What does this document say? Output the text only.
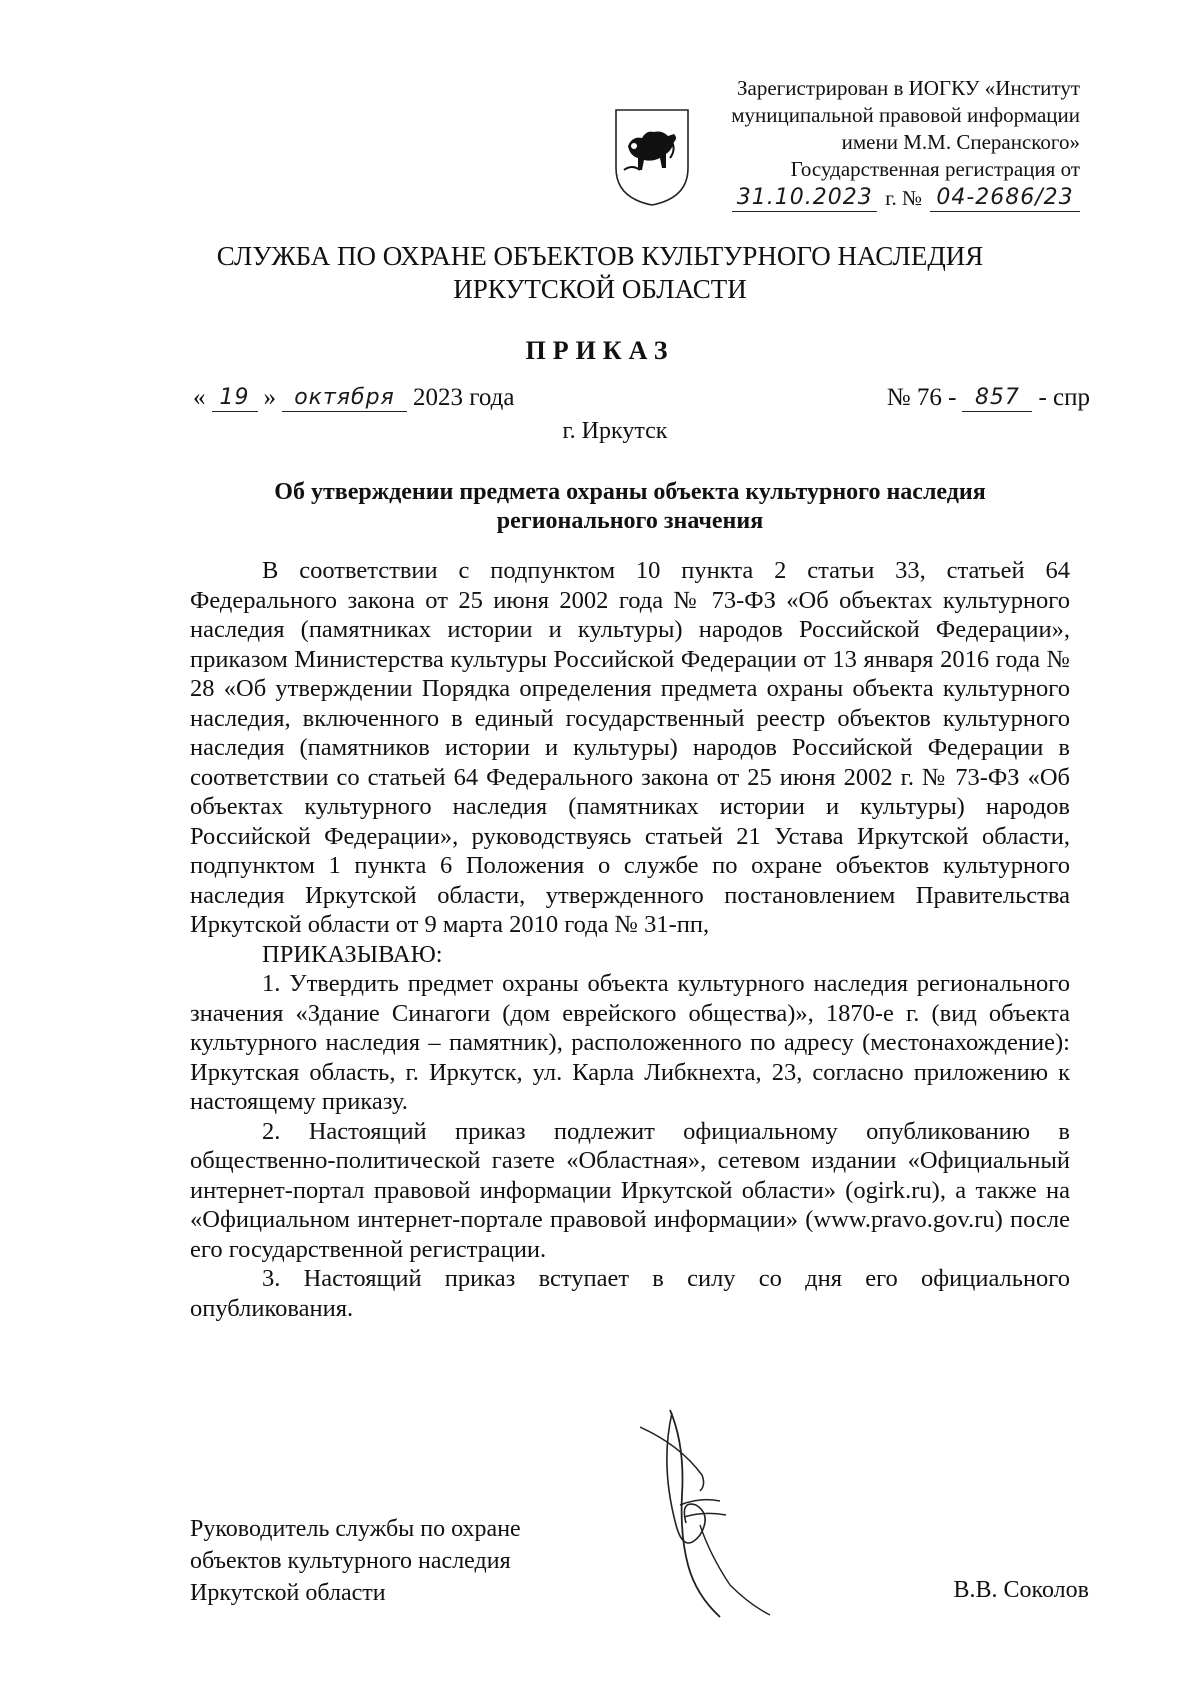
Зарегистрирован в ИОГКУ «Институт
муниципальной правовой информации
имени М.М. Сперанского»
Государственная регистрация от
31.10.2023 г. № 04-2686/23
СЛУЖБА ПО ОХРАНЕ ОБЪЕКТОВ КУЛЬТУРНОГО НАСЛЕДИЯ
ИРКУТСКОЙ ОБЛАСТИ
ПРИКАЗ
« 19 » октября 2023 года	№ 76 - 857 - спр
г. Иркутск
Об утверждении предмета охраны объекта культурного наследия
регионального значения

В соответствии с подпунктом 10 пункта 2 статьи 33, статьей 64 Федерального закона от 25 июня 2002 года № 73-ФЗ «Об объектах культурного наследия (памятниках истории и культуры) народов Российской Федерации», приказом Министерства культуры Российской Федерации от 13 января 2016 года № 28 «Об утверждении Порядка определения предмета охраны объекта культурного наследия, включенного в единый государственный реестр объектов культурного наследия (памятников истории и культуры) народов Российской Федерации в соответствии со статьей 64 Федерального закона от 25 июня 2002 г. № 73-ФЗ «Об объектах культурного наследия (памятниках истории и культуры) народов Российской Федерации», руководствуясь статьей 21 Устава Иркутской области, подпунктом 1 пункта 6 Положения о службе по охране объектов культурного наследия Иркутской области, утвержденного постановлением Правительства Иркутской области от 9 марта 2010 года № 31-пп,

ПРИКАЗЫВАЮ:

1. Утвердить предмет охраны объекта культурного наследия регионального значения «Здание Синагоги (дом еврейского общества)», 1870-е г. (вид объекта культурного наследия – памятник), расположенного по адресу (местонахождение): Иркутская область, г. Иркутск, ул. Карла Либкнехта, 23, согласно приложению к настоящему приказу.

2. Настоящий приказ подлежит официальному опубликованию в общественно-политической газете «Областная», сетевом издании «Официальный интернет-портал правовой информации Иркутской области» (ogirk.ru), а также на «Официальном интернет-портале правовой информации» (www.pravo.gov.ru) после его государственной регистрации.

3. Настоящий приказ вступает в силу со дня его официального опубликования.

Руководитель службы по охране
объектов культурного наследия
Иркутской области	В.В. Соколов
